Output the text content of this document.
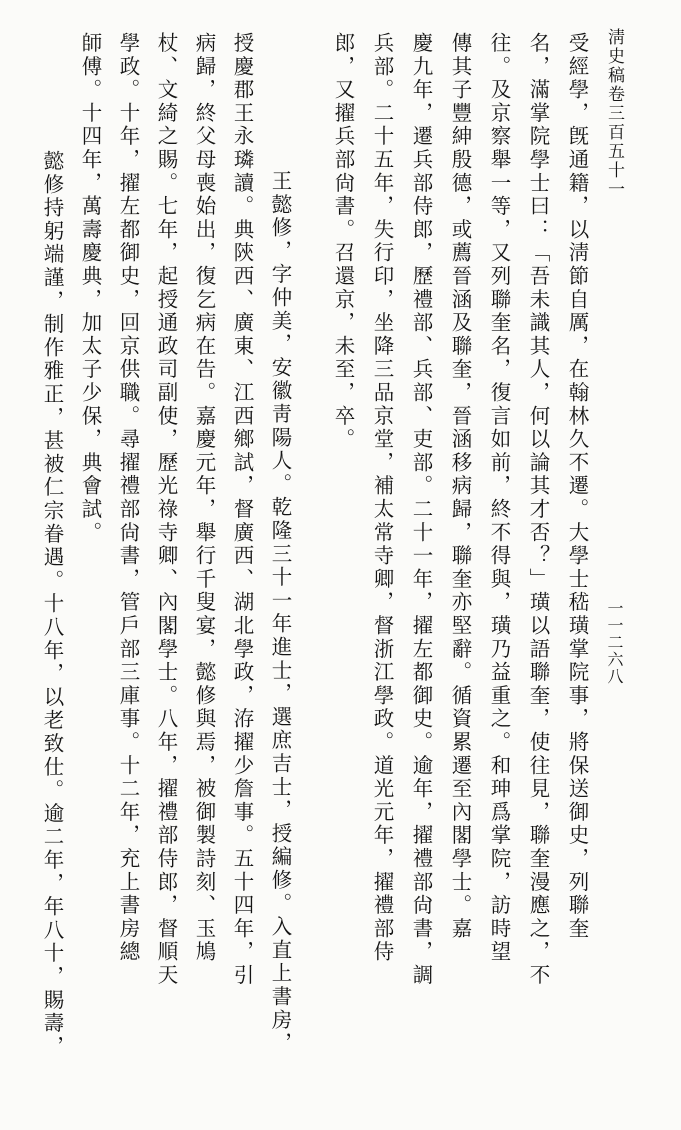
淸史稿卷三百五十一
一一二六八
受經學，旣通籍，以淸節自厲，在翰林久不遷。大學士嵇璜掌院事，將保送御史，列聯奎
名，滿掌院學士曰：「吾未識其人，何以論其才否？」璜以語聯奎，使往見，聯奎漫應之，不
往。及京察舉一等，又列聯奎名，復言如前，終不得與，璜乃益重之。和珅爲掌院，訪時望
傳其子豐紳殷德，或薦晉涵及聯奎，晉涵移病歸，聯奎亦堅辭。循資累遷至內閣學士。嘉
慶九年，遷兵部侍郎，歷禮部、兵部、吏部。二十一年，擢左都御史。逾年，擢禮部尙書，調
兵部。二十五年，失行印，坐降三品京堂，補太常寺卿，督浙江學政。道光元年，擢禮部侍
郎，又擢兵部尙書。召還京，未至，卒。
王懿修，字仲美，安徽靑陽人。乾隆三十一年進士，選庶吉士，授編修。入直上書房，
授慶郡王永璘讀。典陝西、廣東、江西鄉試，督廣西、湖北學政，洊擢少詹事。五十四年，引
病歸，終父母喪始出，復乞病在告。嘉慶元年，舉行千叟宴，懿修與焉，被御製詩刻、玉鳩
杖、文綺之賜。七年，起授通政司副使，歷光祿寺卿、內閣學士。八年，擢禮部侍郎，督順天
學政。十年，擢左都御史，回京供職。尋擢禮部尙書，管戶部三庫事。十二年，充上書房總
師傅。十四年，萬壽慶典，加太子少保，典會試。
懿修持躬端謹，制作雅正，甚被仁宗眷遇。十八年，以老致仕。逾二年，年八十，賜壽，
